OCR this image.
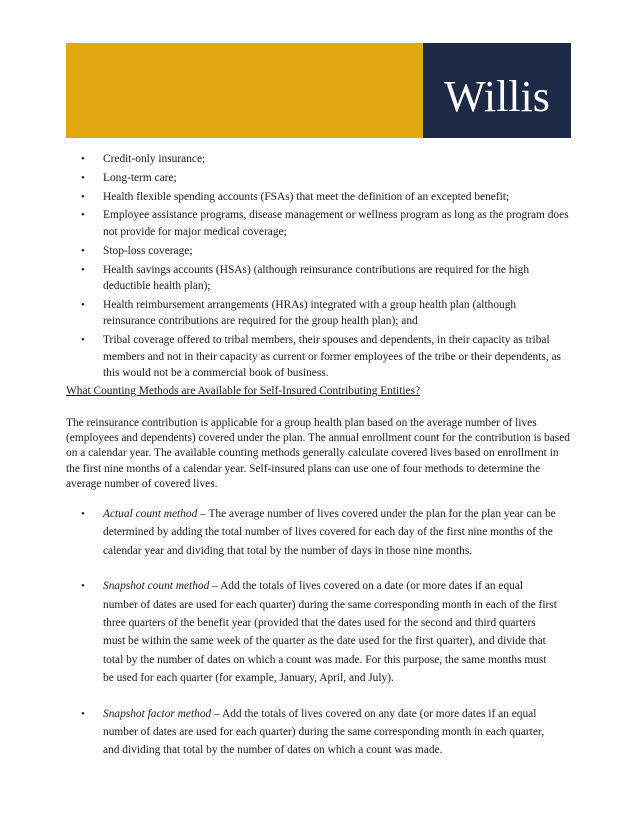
Willis
• Credit-only insurance;
• Long-term care;
• Health flexible spending accounts (FSAs) that meet the definition of an excepted benefit;
• Employee assistance programs, disease management or wellness program as long as the program does not provide for major medical coverage;
• Stop-loss coverage;
• Health savings accounts (HSAs) (although reinsurance contributions are required for the high deductible health plan);
• Health reimbursement arrangements (HRAs) integrated with a group health plan (although reinsurance contributions are required for the group health plan); and
• Tribal coverage offered to tribal members, their spouses and dependents, in their capacity as tribal members and not in their capacity as current or former employees of the tribe or their dependents, as this would not be a commercial book of business.
What Counting Methods are Available for Self-Insured Contributing Entities?

The reinsurance contribution is applicable for a group health plan based on the average number of lives (employees and dependents) covered under the plan. The annual enrollment count for the contribution is based on a calendar year. The available counting methods generally calculate covered lives based on enrollment in the first nine months of a calendar year. Self-insured plans can use one of four methods to determine the average number of covered lives.

• Actual count method – The average number of lives covered under the plan for the plan year can be determined by adding the total number of lives covered for each day of the first nine months of the calendar year and dividing that total by the number of days in those nine months.
• Snapshot count method – Add the totals of lives covered on a date (or more dates if an equal number of dates are used for each quarter) during the same corresponding month in each of the first three quarters of the benefit year (provided that the dates used for the second and third quarters must be within the same week of the quarter as the date used for the first quarter), and divide that total by the number of dates on which a count was made. For this purpose, the same months must be used for each quarter (for example, January, April, and July).
• Snapshot factor method – Add the totals of lives covered on any date (or more dates if an equal number of dates are used for each quarter) during the same corresponding month in each quarter, and dividing that total by the number of dates on which a count was made.
